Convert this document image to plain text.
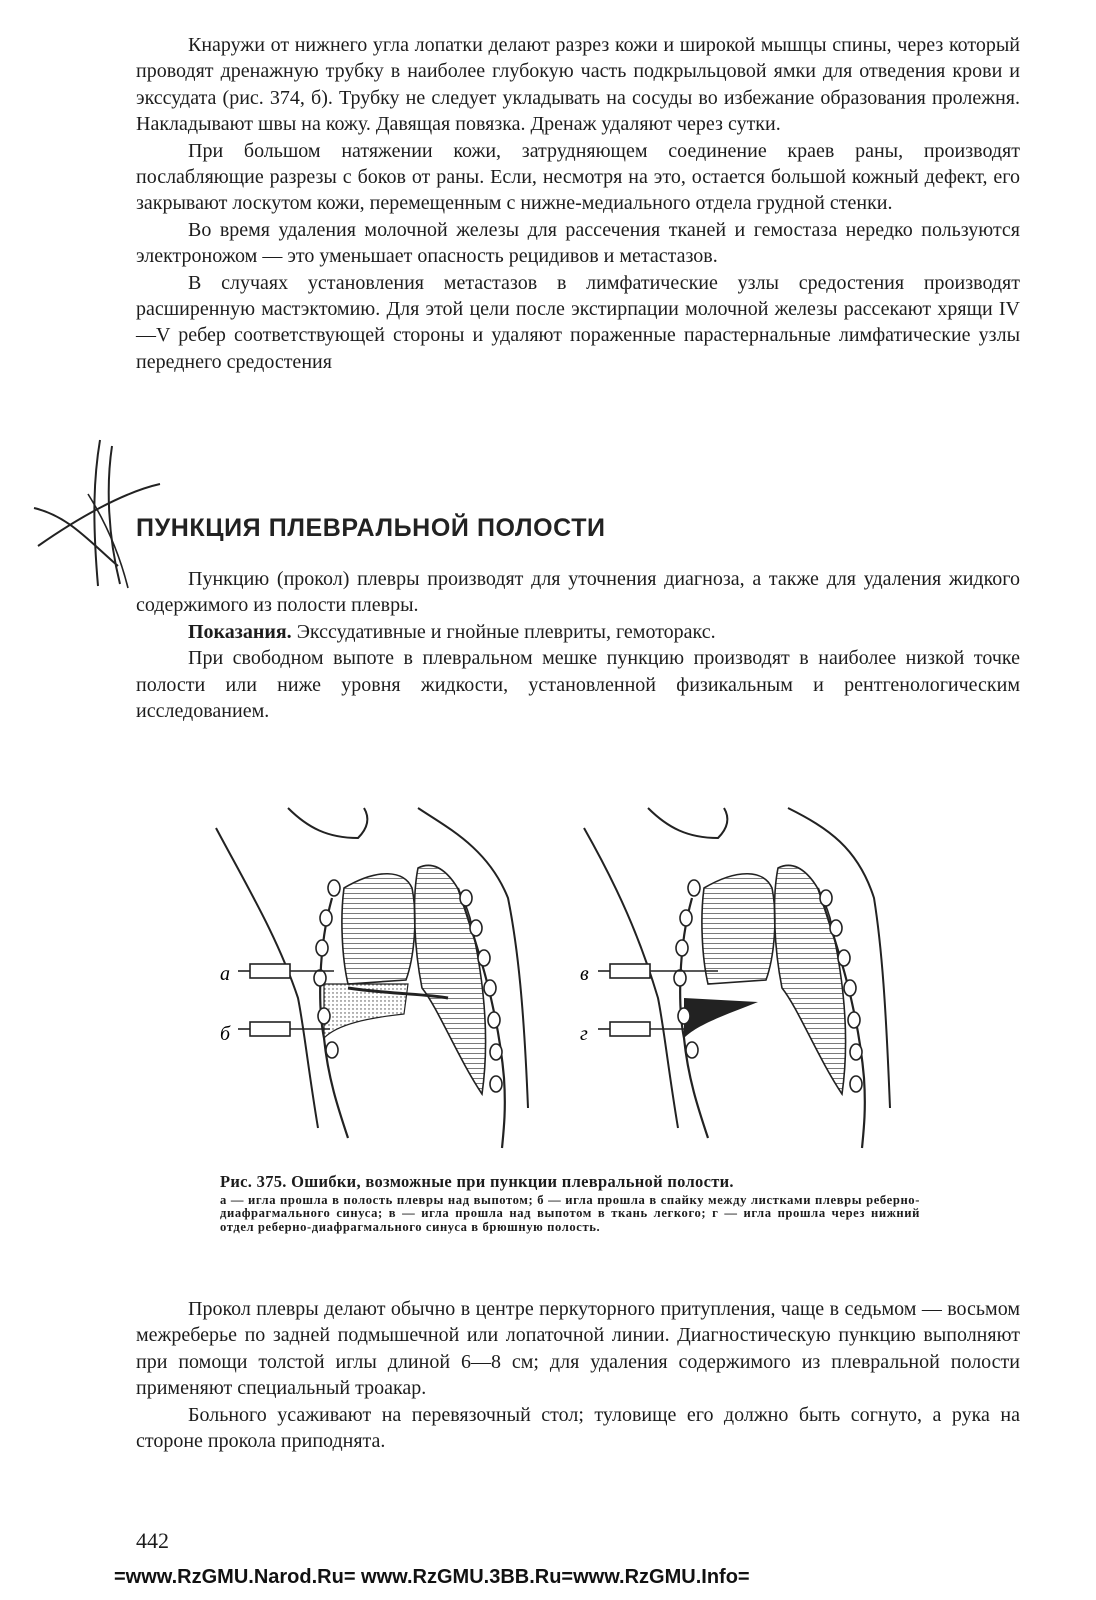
Кнаружи от нижнего угла лопатки делают разрез кожи и широкой мышцы спины, через который проводят дренажную трубку в наиболее глубокую часть подкрыльцовой ямки для отведения крови и экссудата (рис. 374, б). Трубку не следует укладывать на сосуды во избежание образования пролежня. Накладывают швы на кожу. Давящая повязка. Дренаж удаляют через сутки.

При большом натяжении кожи, затрудняющем соединение краев раны, производят послабляющие разрезы с боков от раны. Если, несмотря на это, остается большой кожный дефект, его закрывают лоскутом кожи, перемещенным с нижне-медиального отдела грудной стенки.

Во время удаления молочной железы для рассечения тканей и гемостаза нередко пользуются электроножом — это уменьшает опасность рецидивов и метастазов.

В случаях установления метастазов в лимфатические узлы средостения производят расширенную мастэктомию. Для этой цели после экстирпации молочной железы рассекают хрящи IV—V ребер соответствующей стороны и удаляют пораженные парастернальные лимфатические узлы переднего средостения

ПУНКЦИЯ ПЛЕВРАЛЬНОЙ ПОЛОСТИ

Пункцию (прокол) плевры производят для уточнения диагноза, а также для удаления жидкого содержимого из полости плевры.

Показания. Экссудативные и гнойные плевриты, гемоторакс.

При свободном выпоте в плевральном мешке пункцию производят в наиболее низкой точке полости или ниже уровня жидкости, установленной физикальным и рентгенологическим исследованием.

а
б
в
г

Рис. 375. Ошибки, возможные при пункции плевральной полости.

а — игла прошла в полость плевры над выпотом; б — игла прошла в спайку между листками плевры реберно-диафрагмального синуса; в — игла прошла над выпотом в ткань легкого; г — игла прошла через нижний отдел реберно-диафрагмального синуса в брюшную полость.

Прокол плевры делают обычно в центре перкуторного притупления, чаще в седьмом — восьмом межреберье по задней подмышечной или лопаточной линии. Диагностическую пункцию выполняют при помощи толстой иглы длиной 6—8 см; для удаления содержимого из плевральной полости применяют специальный троакар.

Больного усаживают на перевязочный стол; туловище его должно быть согнуто, а рука на стороне прокола приподнята.

442
=www.RzGMU.Narod.Ru= www.RzGMU.3BB.Ru=www.RzGMU.Info=
